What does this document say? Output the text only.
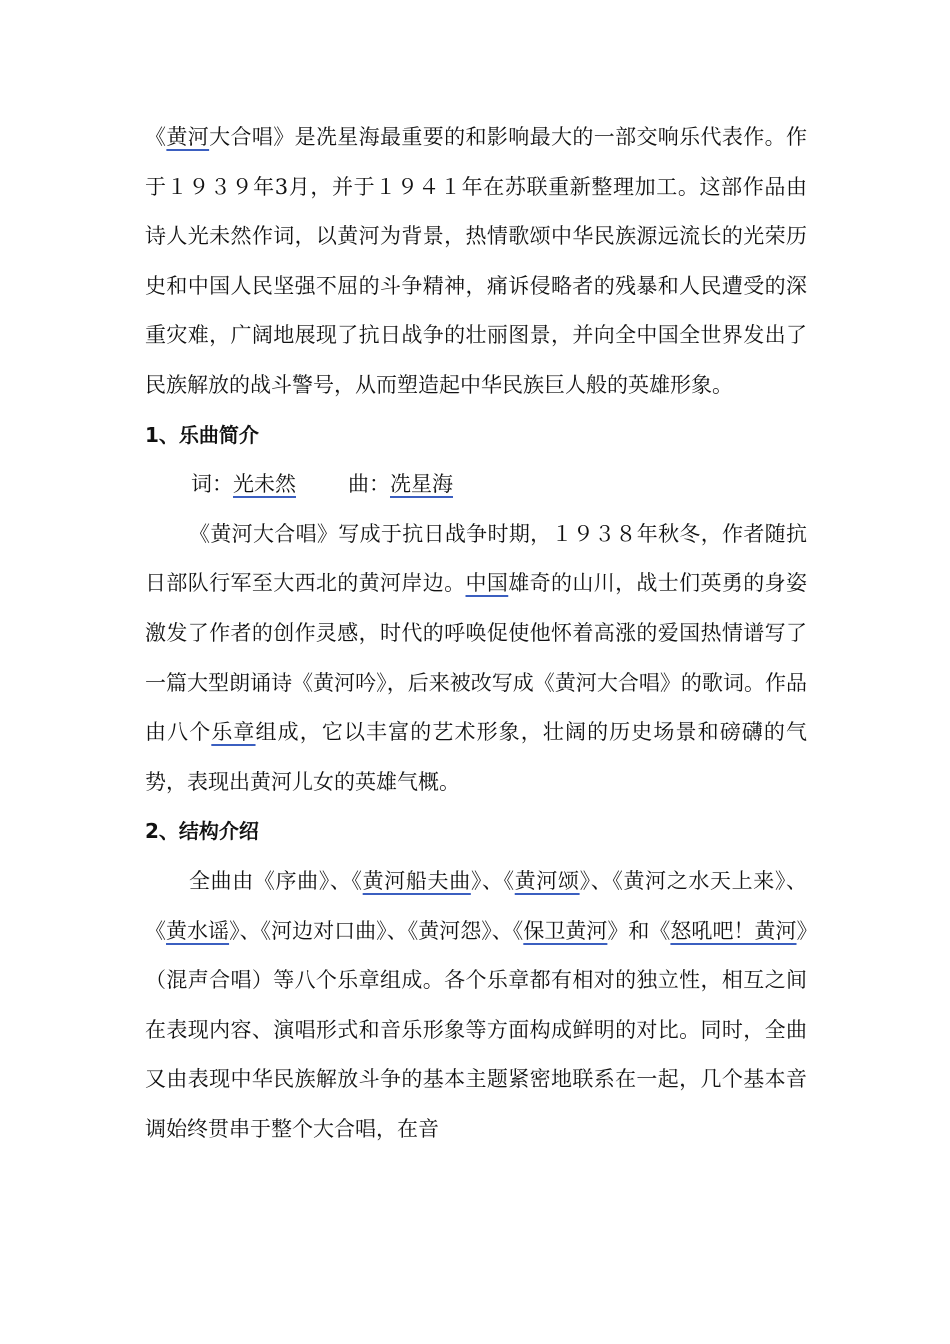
《黄河大合唱》是冼星海最重要的和影响最大的一部交响乐代表作。作于１９３９年3月，并于１９４１年在苏联重新整理加工。这部作品由诗人光未然作词，以黄河为背景，热情歌颂中华民族源远流长的光荣历史和中国人民坚强不屈的斗争精神，痛诉侵略者的残暴和人民遭受的深重灾难，广阔地展现了抗日战争的壮丽图景，并向全中国全世界发出了民族解放的战斗警号，从而塑造起中华民族巨人般的英雄形象。

1、乐曲简介

词：光未然 曲：冼星海

《黄河大合唱》写成于抗日战争时期，１９３８年秋冬，作者随抗日部队行军至大西北的黄河岸边。中国雄奇的山川，战士们英勇的身姿激发了作者的创作灵感，时代的呼唤促使他怀着高涨的爱国热情谱写了一篇大型朗诵诗《黄河吟》，后来被改写成《黄河大合唱》的歌词。作品由八个乐章组成，它以丰富的艺术形象，壮阔的历史场景和磅礴的气势，表现出黄河儿女的英雄气概。

2、结构介绍

全曲由《序曲》、《黄河船夫曲》、《黄河颂》、《黄河之水天上来》、《黄水谣》、《河边对口曲》、《黄河怨》、《保卫黄河》和《怒吼吧！黄河》（混声合唱）等八个乐章组成。各个乐章都有相对的独立性，相互之间在表现内容、演唱形式和音乐形象等方面构成鲜明的对比。同时，全曲又由表现中华民族解放斗争的基本主题紧密地联系在一起，几个基本音调始终贯串于整个大合唱，在音
